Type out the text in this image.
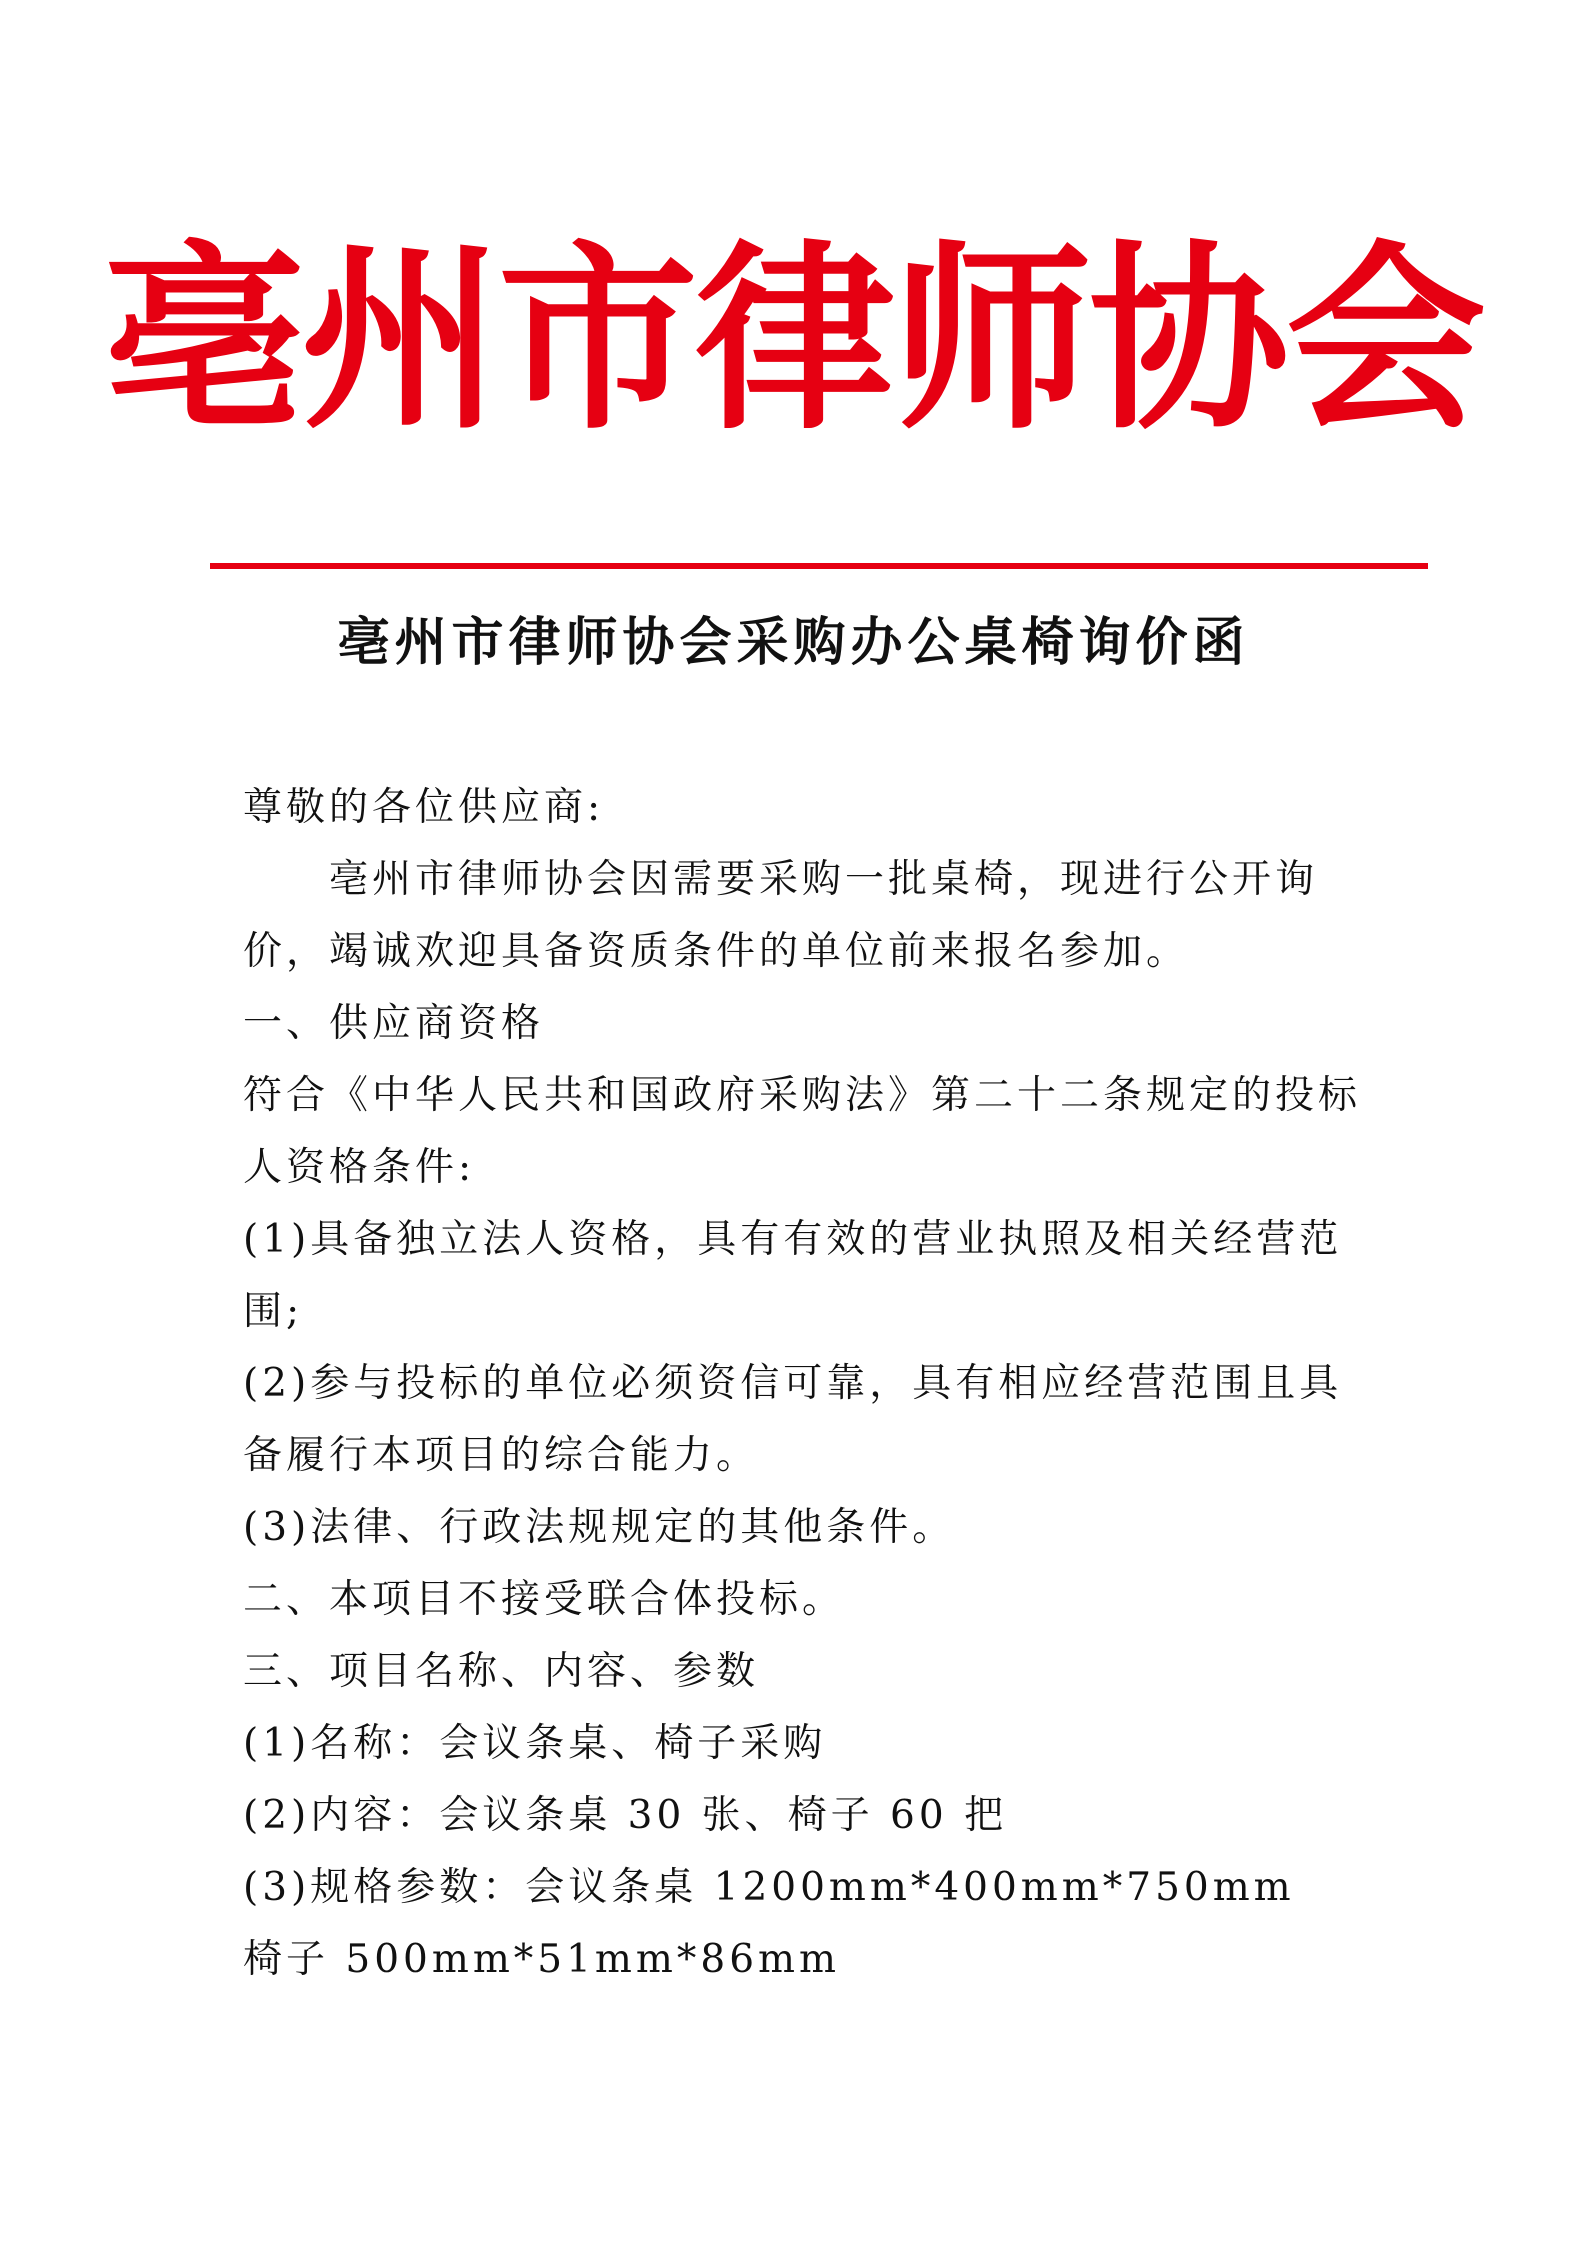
亳州市律师协会
亳州市律师协会采购办公桌椅询价函

尊敬的各位供应商:

亳州市律师协会因需要采购一批桌椅，现进行公开询

价，竭诚欢迎具备资质条件的单位前来报名参加。

一、供应商资格

符合《中华人民共和国政府采购法》第二十二条规定的投标

人资格条件:

(1)具备独立法人资格，具有有效的营业执照及相关经营范

围;

(2)参与投标的单位必须资信可靠，具有相应经营范围且具

备履行本项目的综合能力。

(3)法律、行政法规规定的其他条件。

二、本项目不接受联合体投标。

三、项目名称、内容、参数

(1)名称：会议条桌、椅子采购

(2)内容：会议条桌 30 张、椅子 60 把

(3)规格参数：会议条桌 1200mm*400mm*750mm

椅子 500mm*51mm*86mm
